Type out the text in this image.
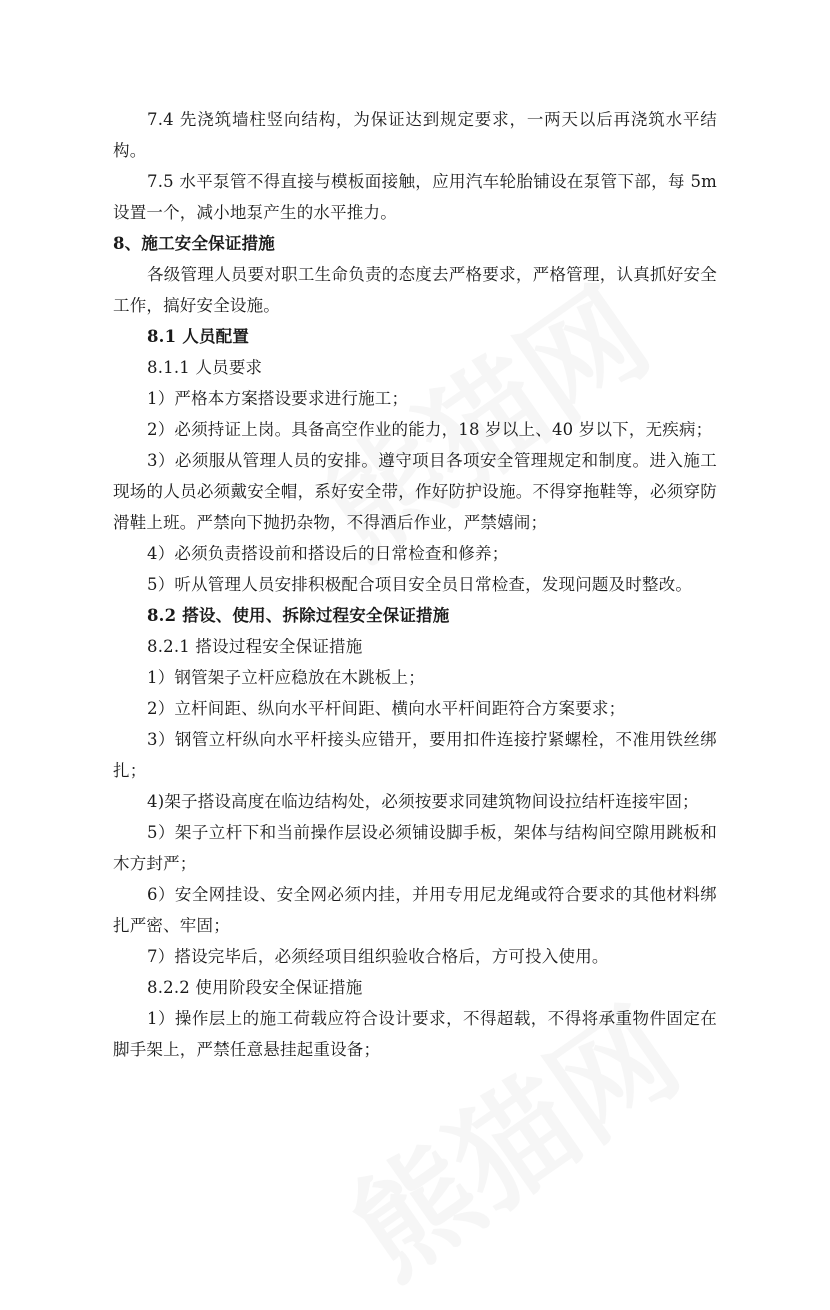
7.4 先浇筑墙柱竖向结构，为保证达到规定要求，一两天以后再浇筑水平结构。

7.5 水平泵管不得直接与模板面接触，应用汽车轮胎铺设在泵管下部，每 5m 设置一个，减小地泵产生的水平推力。

8、施工安全保证措施

各级管理人员要对职工生命负责的态度去严格要求，严格管理，认真抓好安全工作，搞好安全设施。

8.1 人员配置

8.1.1 人员要求

1）严格本方案搭设要求进行施工；

2）必须持证上岗。具备高空作业的能力，18 岁以上、40 岁以下，无疾病；

3）必须服从管理人员的安排。遵守项目各项安全管理规定和制度。进入施工现场的人员必须戴安全帽，系好安全带，作好防护设施。不得穿拖鞋等，必须穿防滑鞋上班。严禁向下抛扔杂物，不得酒后作业，严禁嬉闹；

4）必须负责搭设前和搭设后的日常检查和修养；

5）听从管理人员安排积极配合项目安全员日常检查，发现问题及时整改。

8.2 搭设、使用、拆除过程安全保证措施

8.2.1 搭设过程安全保证措施

1）钢管架子立杆应稳放在木跳板上；

2）立杆间距、纵向水平杆间距、横向水平杆间距符合方案要求；

3）钢管立杆纵向水平杆接头应错开，要用扣件连接拧紧螺栓，不准用铁丝绑扎；

4)架子搭设高度在临边结构处，必须按要求同建筑物间设拉结杆连接牢固；

5）架子立杆下和当前操作层设必须铺设脚手板，架体与结构间空隙用跳板和木方封严；

6）安全网挂设、安全网必须内挂，并用专用尼龙绳或符合要求的其他材料绑扎严密、牢固；

7）搭设完毕后，必须经项目组织验收合格后，方可投入使用。

8.2.2 使用阶段安全保证措施

1）操作层上的施工荷载应符合设计要求，不得超载，不得将承重物件固定在脚手架上，严禁任意悬挂起重设备；
